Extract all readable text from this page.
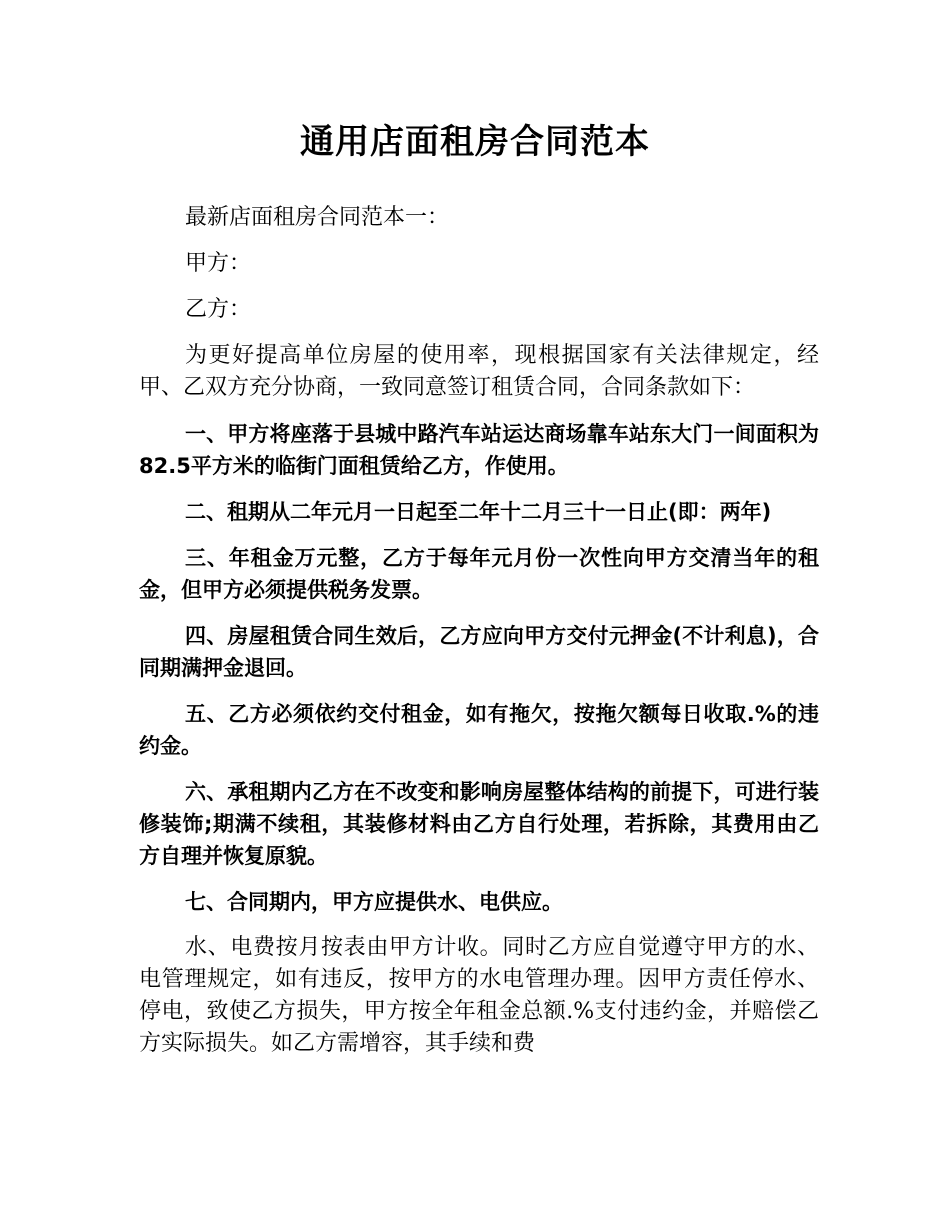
通用店面租房合同范本

最新店面租房合同范本一：

甲方：

乙方：

为更好提高单位房屋的使用率，现根据国家有关法律规定，经甲、乙双方充分协商，一致同意签订租赁合同，合同条款如下：

一、甲方将座落于县城中路汽车站运达商场靠车站东大门一间面积为82.5平方米的临街门面租赁给乙方，作使用。

二、租期从二年元月一日起至二年十二月三十一日止(即：两年)

三、年租金万元整，乙方于每年元月份一次性向甲方交清当年的租金，但甲方必须提供税务发票。

四、房屋租赁合同生效后，乙方应向甲方交付元押金(不计利息)，合同期满押金退回。

五、乙方必须依约交付租金，如有拖欠，按拖欠额每日收取.%的违约金。

六、承租期内乙方在不改变和影响房屋整体结构的前提下，可进行装修装饰;期满不续租，其装修材料由乙方自行处理，若拆除，其费用由乙方自理并恢复原貌。

七、合同期内，甲方应提供水、电供应。

水、电费按月按表由甲方计收。同时乙方应自觉遵守甲方的水、电管理规定，如有违反，按甲方的水电管理办理。因甲方责任停水、停电，致使乙方损失，甲方按全年租金总额.%支付违约金，并赔偿乙方实际损失。如乙方需增容，其手续和费
